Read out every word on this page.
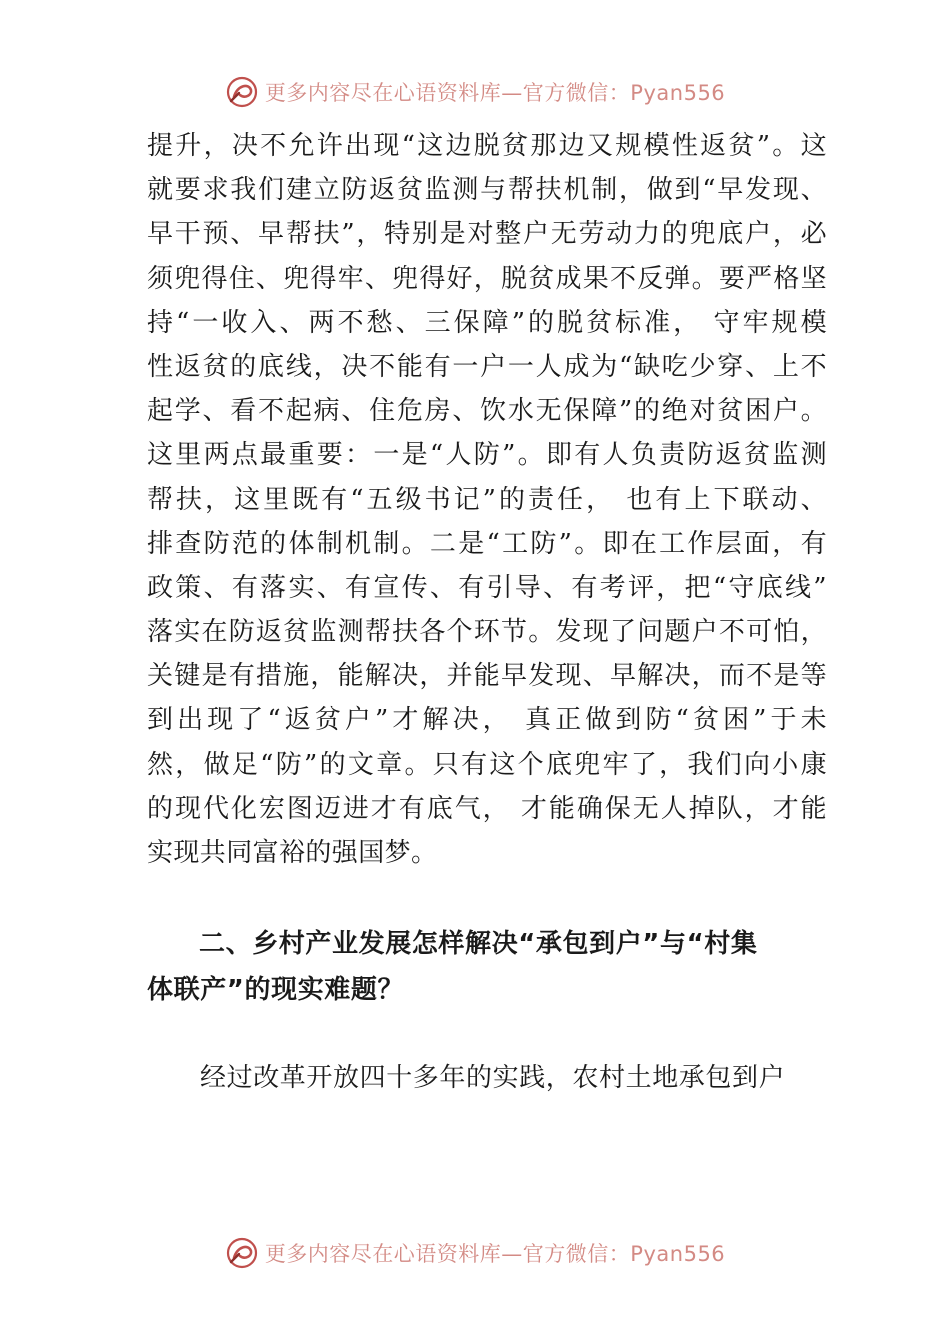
更多内容尽在心语资料库—官方微信：Pyan556
提升，决不允许出现“这边脱贫那边又规模性返贫”。这
就要求我们建立防返贫监测与帮扶机制，做到“早发现、
早干预、早帮扶”，特别是对整户无劳动力的兜底户，必
须兜得住、兜得牢、兜得好，脱贫成果不反弹。要严格坚
持“一收入、两不愁、三保障”的脱贫标准， 守牢规模
性返贫的底线，决不能有一户一人成为“缺吃少穿、上不
起学、看不起病、住危房、饮水无保障”的绝对贫困户。
这里两点最重要：一是“人防”。即有人负责防返贫监测
帮扶，这里既有“五级书记”的责任， 也有上下联动、
排查防范的体制机制。二是“工防”。即在工作层面，有
政策、有落实、有宣传、有引导、有考评，把“守底线”
落实在防返贫监测帮扶各个环节。发现了问题户不可怕，
关键是有措施，能解决，并能早发现、早解决，而不是等
到出现了“返贫户”才解决， 真正做到防“贫困”于未
然，做足“防”的文章。只有这个底兜牢了，我们向小康
的现代化宏图迈进才有底气， 才能确保无人掉队，才能
实现共同富裕的强国梦。
二、乡村产业发展怎样解决“承包到户”与“村集
体联产”的现实难题？
经过改革开放四十多年的实践，农村土地承包到户
更多内容尽在心语资料库—官方微信：Pyan556
